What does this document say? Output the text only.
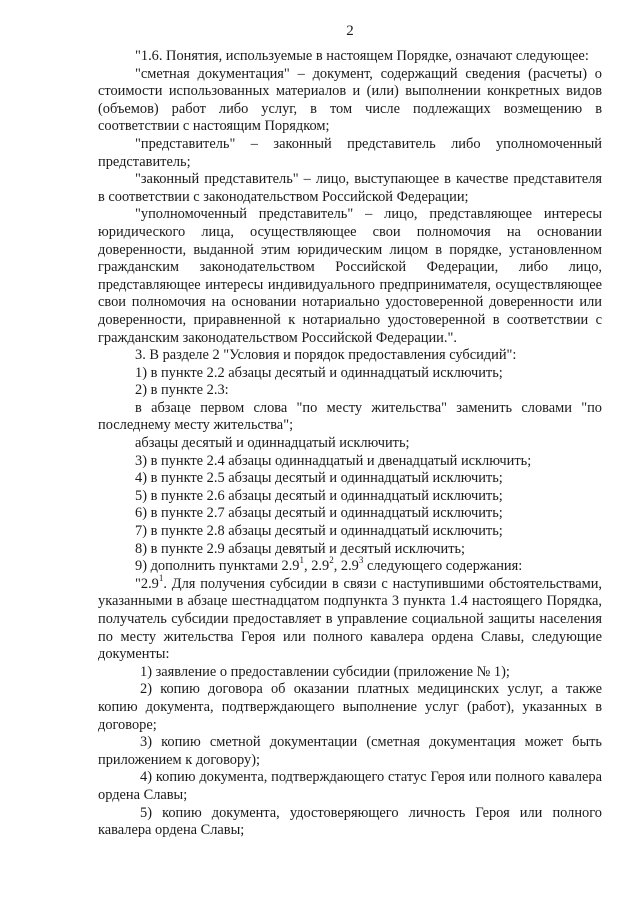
2

"1.6. Понятия, используемые в настоящем Порядке, означают следующее:

"сметная документация" – документ, содержащий сведения (расчеты) о стоимости использованных материалов и (или) выполнении конкретных видов (объемов) работ либо услуг, в том числе подлежащих возмещению в соответствии с настоящим Порядком;

"представитель" – законный представитель либо уполномоченный представитель;

"законный представитель" – лицо, выступающее в качестве представителя в соответствии с законодательством Российской Федерации;

"уполномоченный представитель" – лицо, представляющее интересы юридического лица, осуществляющее свои полномочия на основании доверенности, выданной этим юридическим лицом в порядке, установленном гражданским законодательством Российской Федерации, либо лицо, представляющее интересы индивидуального предпринимателя, осуществляющее свои полномочия на основании нотариально удостоверенной доверенности или доверенности, приравненной к нотариально удостоверенной в соответствии с гражданским законодательством Российской Федерации.".

3. В разделе 2 "Условия и порядок предоставления субсидий":

1) в пункте 2.2 абзацы десятый и одиннадцатый исключить;

2) в пункте 2.3:

в абзаце первом слова "по месту жительства" заменить словами "по последнему месту жительства";

абзацы десятый и одиннадцатый исключить;

3) в пункте 2.4 абзацы одиннадцатый и двенадцатый исключить;

4) в пункте 2.5 абзацы десятый и одиннадцатый исключить;

5) в пункте 2.6 абзацы десятый и одиннадцатый исключить;

6) в пункте 2.7 абзацы десятый и одиннадцатый исключить;

7) в пункте 2.8 абзацы десятый и одиннадцатый исключить;

8) в пункте 2.9 абзацы девятый и десятый исключить;

9) дополнить пунктами $2.9^1$, $2.9^2$, $2.9^3$ следующего содержания:

"$2.9^1$. Для получения субсидии в связи с наступившими обстоятельствами, указанными в абзаце шестнадцатом подпункта 3 пункта 1.4 настоящего Порядка, получатель субсидии предоставляет в управление социальной защиты населения по месту жительства Героя или полного кавалера ордена Славы, следующие документы:

1) заявление о предоставлении субсидии (приложение № 1);

2) копию договора об оказании платных медицинских услуг, а также копию документа, подтверждающего выполнение услуг (работ), указанных в договоре;

3) копию сметной документации (сметная документация может быть приложением к договору);

4) копию документа, подтверждающего статус Героя или полного кавалера ордена Славы;

5) копию документа, удостоверяющего личность Героя или полного кавалера ордена Славы;
